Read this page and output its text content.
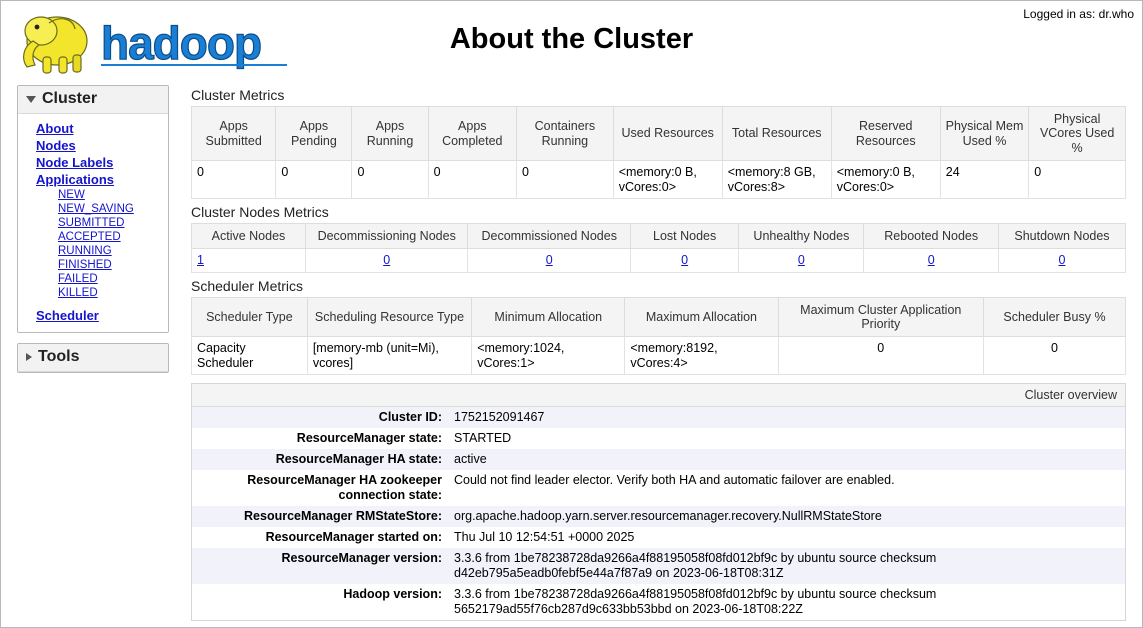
Logged in as: dr.who
hadoop	About the Cluster
Cluster
About
Nodes
Node Labels
Applications
NEW
NEW_SAVING
SUBMITTED
ACCEPTED
RUNNING
FINISHED
FAILED
KILLED
Scheduler
Tools
Cluster Metrics
Apps Submitted	Apps Pending	Apps Running	Apps Completed	Containers Running	Used Resources	Total Resources	Reserved Resources	Physical Mem Used %	Physical VCores Used %
0	0	0	0	0	<memory:0 B, vCores:0>	<memory:8 GB, vCores:8>	<memory:0 B, vCores:0>	24	0
Cluster Nodes Metrics
Active Nodes	Decommissioning Nodes	Decommissioned Nodes	Lost Nodes	Unhealthy Nodes	Rebooted Nodes	Shutdown Nodes
1	0	0	0	0	0	0
Scheduler Metrics
Scheduler Type	Scheduling Resource Type	Minimum Allocation	Maximum Allocation	Maximum Cluster Application Priority	Scheduler Busy %
Capacity Scheduler	[memory-mb (unit=Mi), vcores]	<memory:1024, vCores:1>	<memory:8192, vCores:4>	0	0
Cluster overview
Cluster ID:	1752152091467
ResourceManager state:	STARTED
ResourceManager HA state:	active
ResourceManager HA zookeeper connection state:	Could not find leader elector. Verify both HA and automatic failover are enabled.
ResourceManager RMStateStore:	org.apache.hadoop.yarn.server.resourcemanager.recovery.NullRMStateStore
ResourceManager started on:	Thu Jul 10 12:54:51 +0000 2025
ResourceManager version:	3.3.6 from 1be78238728da9266a4f88195058f08fd012bf9c by ubuntu source checksum d42eb795a5eadb0febf5e44a7f87a9 on 2023-06-18T08:31Z
Hadoop version:	3.3.6 from 1be78238728da9266a4f88195058f08fd012bf9c by ubuntu source checksum 5652179ad55f76cb287d9c633bb53bbd on 2023-06-18T08:22Z
